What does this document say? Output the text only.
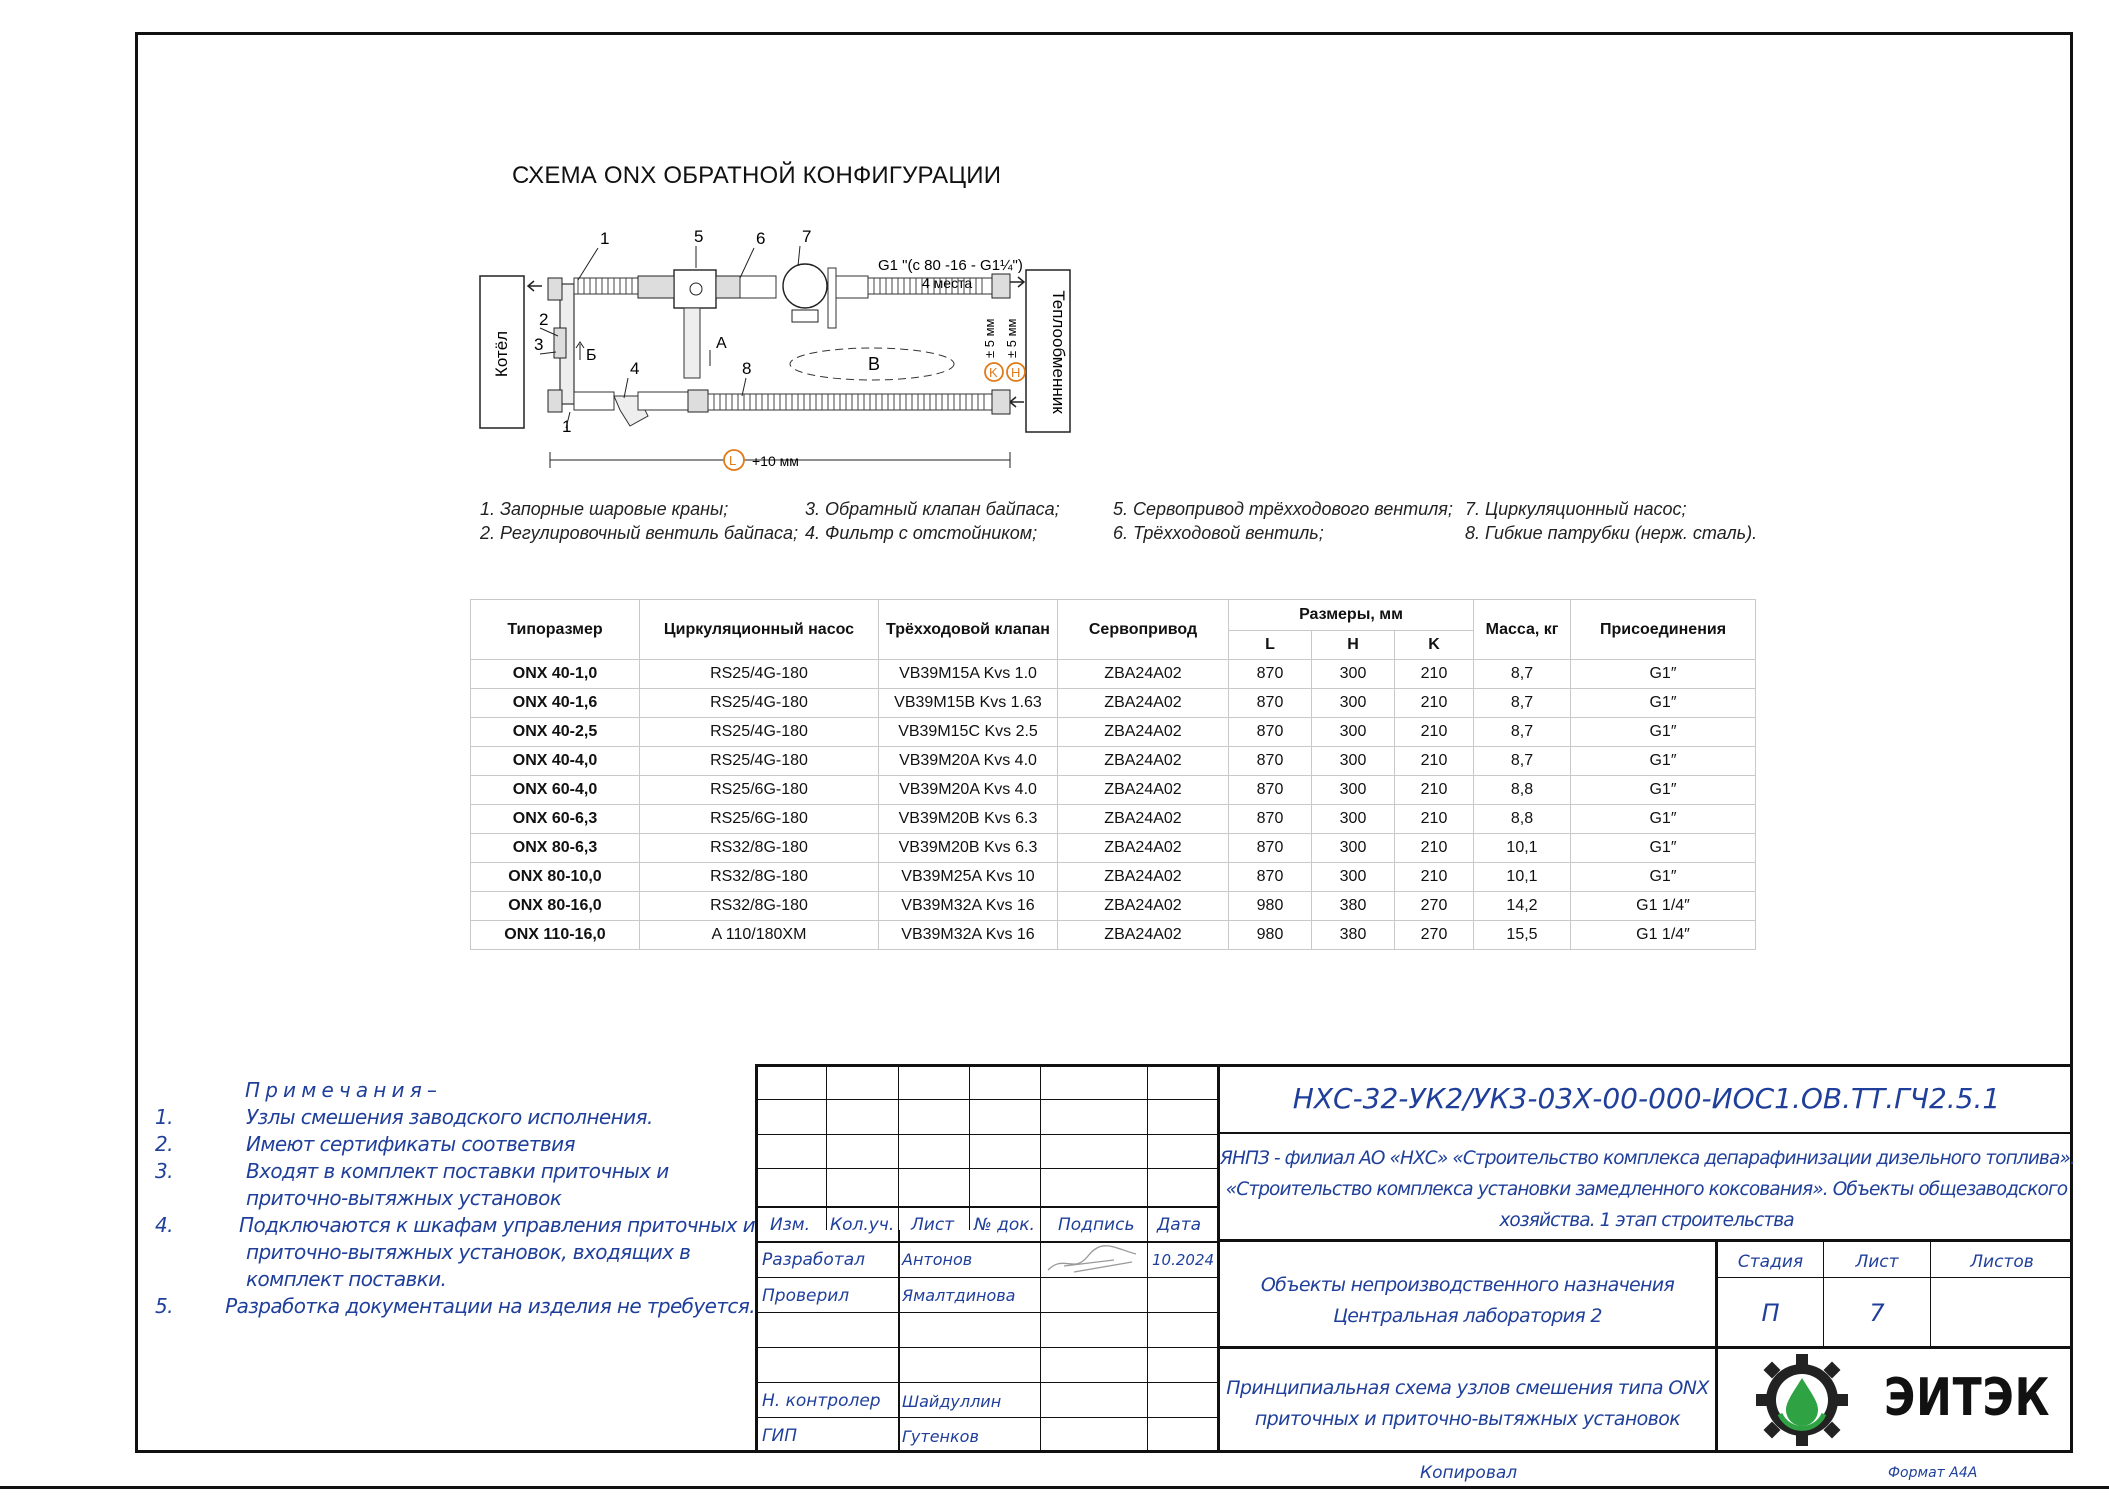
СХЕМА ONX ОБРАТНОЙ КОНФИГУРАЦИИ
Котёл	Теплообменник
В
Б
А
1
2
3
4
5	6 7
8
1
G1 "(с 80 -16 - G1¼")
4 места
K
± 5 мм
H
± 5 мм
L +10 мм
1. Запорные шаровые краны;
2. Регулировочный вентиль байпаса;
3. Обратный клапан байпаса;
4. Фильтр с отстойником;
5. Сервопривод трёхходового вентиля;
6. Трёхходовой вентиль;
7. Циркуляционный насос;
8. Гибкие патрубки (нерж. сталь).
Типоразмер	Циркуляционный насос	Трёхходовой клапан	Сервопривод	Размеры, мм			Масса, кг	Присоединения
				L	H	K		
ONX 40-1,0	RS25/4G-180	VB39M15A Kvs 1.0	ZBA24A02	870	300	210	8,7	G1″
ONX 40-1,6	RS25/4G-180	VB39M15B Kvs 1.63	ZBA24A02	870	300	210	8,7	G1″
ONX 40-2,5	RS25/4G-180	VB39M15C Kvs 2.5	ZBA24A02	870	300	210	8,7	G1″
ONX 40-4,0	RS25/4G-180	VB39M20A Kvs 4.0	ZBA24A02	870	300	210	8,7	G1″
ONX 60-4,0	RS25/6G-180	VB39M20A Kvs 4.0	ZBA24A02	870	300	210	8,8	G1″
ONX 60-6,3	RS25/6G-180	VB39M20B Kvs 6.3	ZBA24A02	870	300	210	8,8	G1″
ONX 80-6,3	RS32/8G-180	VB39M20B Kvs 6.3	ZBA24A02	870	300	210	10,1	G1″
ONX 80-10,0	RS32/8G-180	VB39M25A Kvs 10	ZBA24A02	870	300	210	10,1	G1″
ONX 80-16,0	RS32/8G-180	VB39M32A Kvs 16	ZBA24A02	980	380	270	14,2	G1 1/4″
ONX 110-16,0	A 110/180XM	VB39M32A Kvs 16	ZBA24A02	980	380	270	15,5	G1 1/4″
П р и м е ч а н и я –
1.	Узлы смешения заводского исполнения.
2.	Имеют сертификаты соответвия
3.	Входят в комплект поставки приточных и
приточно-вытяжных установок
4.	Подключаются к шкафам управления приточных и
приточно-вытяжных установок, входящих в
комплект поставки.
5.	Разработка документации на изделия не требуется.
НХС-32-УК2/УК3-03Х-00-000-ИОС1.ОВ.ТТ.ГЧ2.5.1
ЯНПЗ - филиал АО «НХС» «Строительство комплекса депарафинизации дизельного топлива».
«Строительство комплекса установки замедленного коксования». Объекты общезаводского
хозяйства. 1 этап строительства
Изм. Кол.уч. Лист № док. Подпись Дата
Разработал Антонов	10.2024
Проверил	Ямалтдинова
Н. контролер Шайдуллин
ГИП	Гутенков
Объекты непроизводственного назначения
Центральная лаборатория 2
Стадия	Лист	Листов
П	7
Принципиальная схема узлов смешения типа ONX
приточных и приточно-вытяжных установок	ЭИТЭК
Копировал	Формат А4А
